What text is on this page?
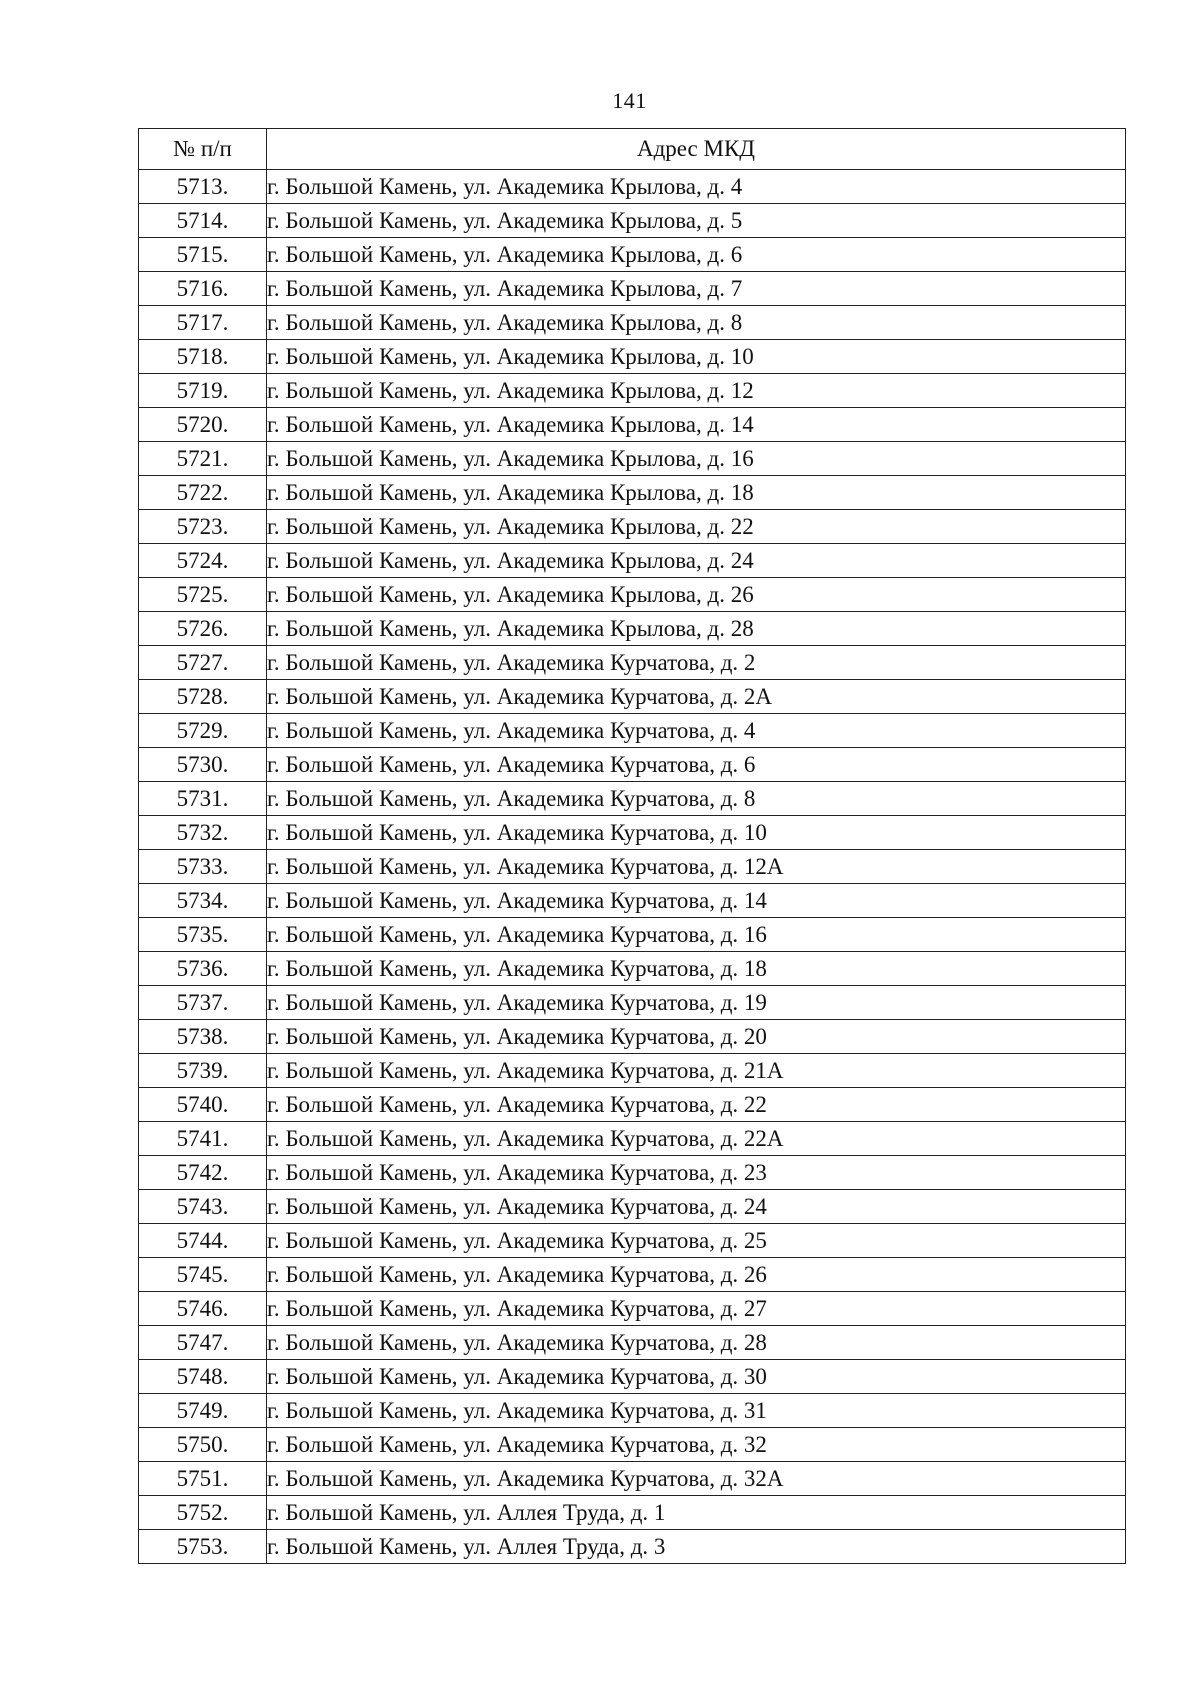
141
№ п/п	Адрес МКД
5713.	г. Большой Камень, ул. Академика Крылова, д. 4
5714.	г. Большой Камень, ул. Академика Крылова, д. 5
5715.	г. Большой Камень, ул. Академика Крылова, д. 6
5716.	г. Большой Камень, ул. Академика Крылова, д. 7
5717.	г. Большой Камень, ул. Академика Крылова, д. 8
5718.	г. Большой Камень, ул. Академика Крылова, д. 10
5719.	г. Большой Камень, ул. Академика Крылова, д. 12
5720.	г. Большой Камень, ул. Академика Крылова, д. 14
5721.	г. Большой Камень, ул. Академика Крылова, д. 16
5722.	г. Большой Камень, ул. Академика Крылова, д. 18
5723.	г. Большой Камень, ул. Академика Крылова, д. 22
5724.	г. Большой Камень, ул. Академика Крылова, д. 24
5725.	г. Большой Камень, ул. Академика Крылова, д. 26
5726.	г. Большой Камень, ул. Академика Крылова, д. 28
5727.	г. Большой Камень, ул. Академика Курчатова, д. 2
5728.	г. Большой Камень, ул. Академика Курчатова, д. 2А
5729.	г. Большой Камень, ул. Академика Курчатова, д. 4
5730.	г. Большой Камень, ул. Академика Курчатова, д. 6
5731.	г. Большой Камень, ул. Академика Курчатова, д. 8
5732.	г. Большой Камень, ул. Академика Курчатова, д. 10
5733.	г. Большой Камень, ул. Академика Курчатова, д. 12А
5734.	г. Большой Камень, ул. Академика Курчатова, д. 14
5735.	г. Большой Камень, ул. Академика Курчатова, д. 16
5736.	г. Большой Камень, ул. Академика Курчатова, д. 18
5737.	г. Большой Камень, ул. Академика Курчатова, д. 19
5738.	г. Большой Камень, ул. Академика Курчатова, д. 20
5739.	г. Большой Камень, ул. Академика Курчатова, д. 21А
5740.	г. Большой Камень, ул. Академика Курчатова, д. 22
5741.	г. Большой Камень, ул. Академика Курчатова, д. 22А
5742.	г. Большой Камень, ул. Академика Курчатова, д. 23
5743.	г. Большой Камень, ул. Академика Курчатова, д. 24
5744.	г. Большой Камень, ул. Академика Курчатова, д. 25
5745.	г. Большой Камень, ул. Академика Курчатова, д. 26
5746.	г. Большой Камень, ул. Академика Курчатова, д. 27
5747.	г. Большой Камень, ул. Академика Курчатова, д. 28
5748.	г. Большой Камень, ул. Академика Курчатова, д. 30
5749.	г. Большой Камень, ул. Академика Курчатова, д. 31
5750.	г. Большой Камень, ул. Академика Курчатова, д. 32
5751.	г. Большой Камень, ул. Академика Курчатова, д. 32А
5752.	г. Большой Камень, ул. Аллея Труда, д. 1
5753.	г. Большой Камень, ул. Аллея Труда, д. 3
